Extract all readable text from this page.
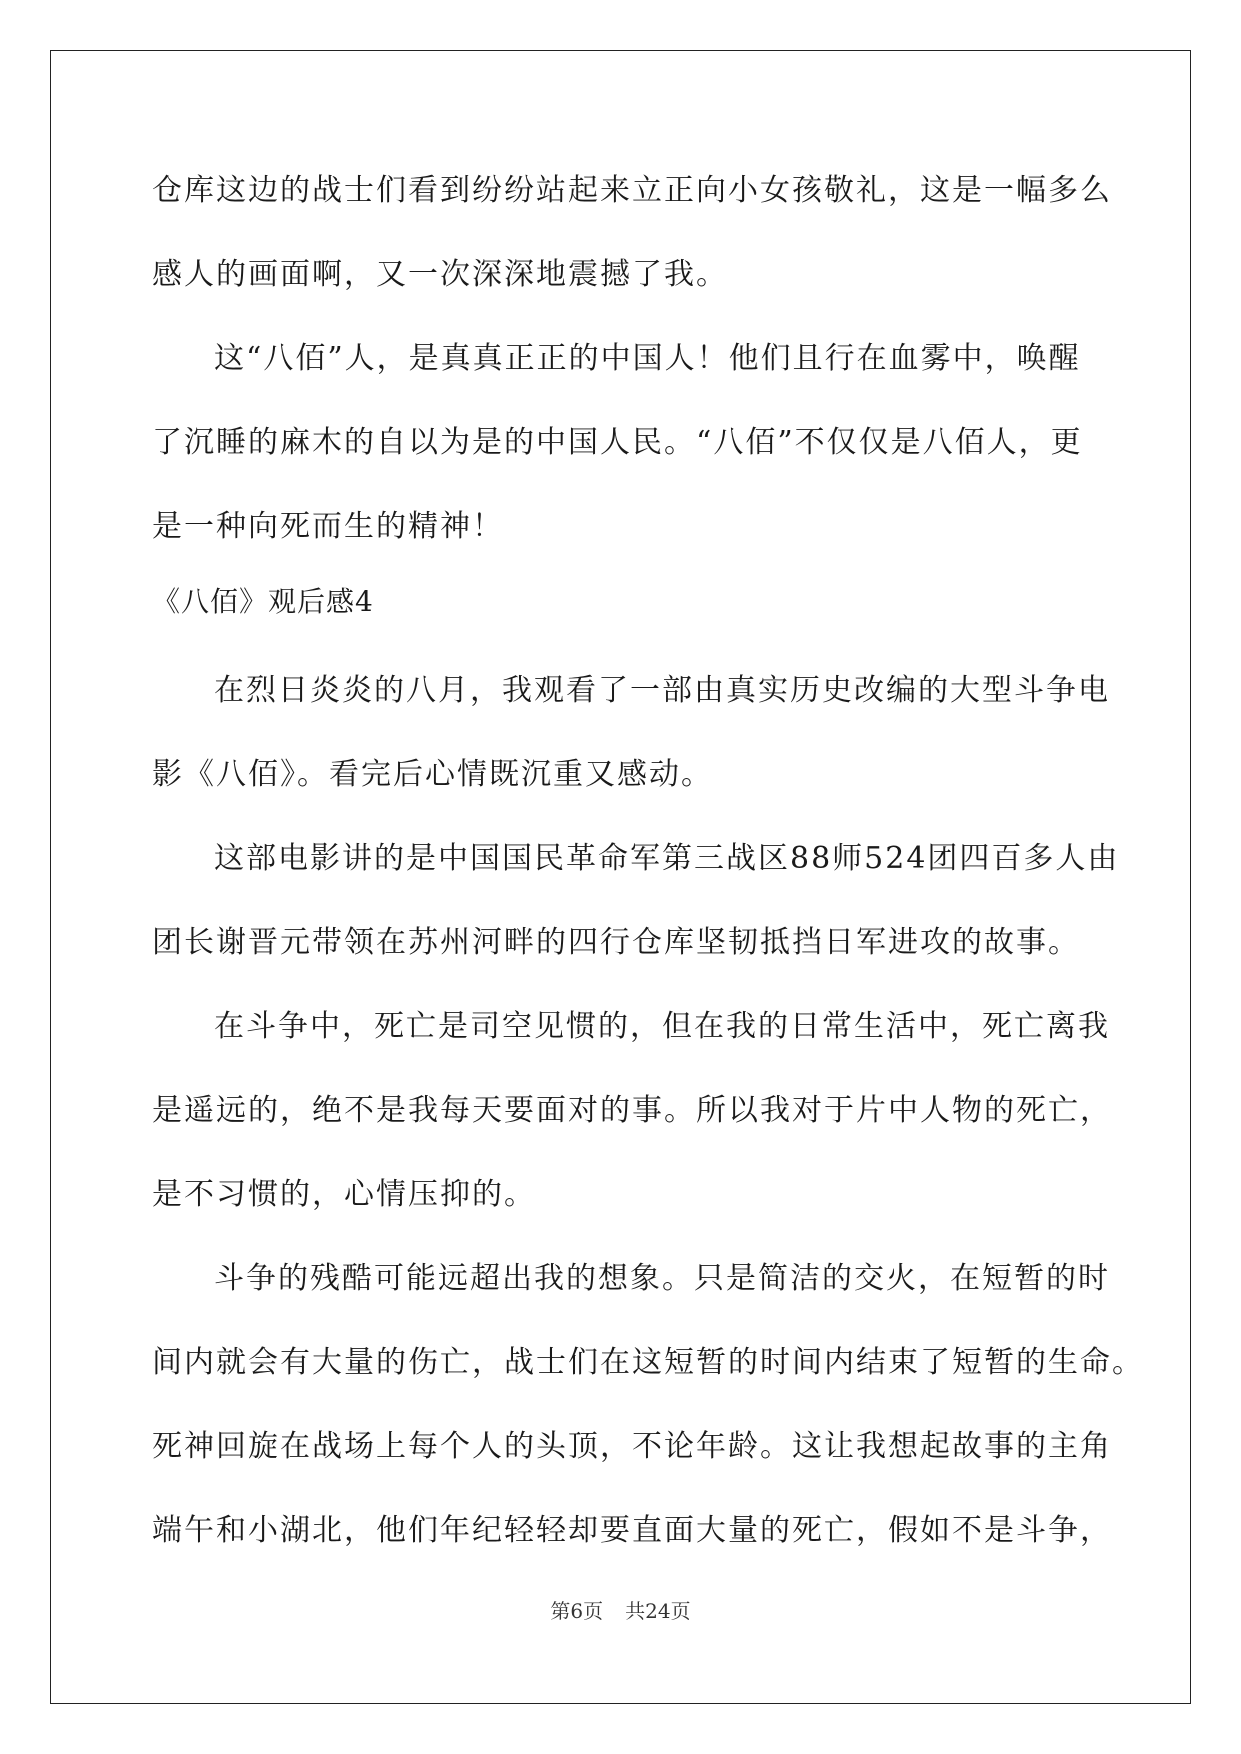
仓库这边的战士们看到纷纷站起来立正向小女孩敬礼，这是一幅多么
感人的画面啊，又一次深深地震撼了我。
这“八佰”人，是真真正正的中国人！他们且行在血雾中，唤醒
了沉睡的麻木的自以为是的中国人民。“八佰”不仅仅是八佰人，更
是一种向死而生的精神！
《八佰》观后感4
在烈日炎炎的八月，我观看了一部由真实历史改编的大型斗争电
影《八佰》。看完后心情既沉重又感动。
这部电影讲的是中国国民革命军第三战区88师524团四百多人由
团长谢晋元带领在苏州河畔的四行仓库坚韧抵挡日军进攻的故事。
在斗争中，死亡是司空见惯的，但在我的日常生活中，死亡离我
是遥远的，绝不是我每天要面对的事。所以我对于片中人物的死亡，
是不习惯的，心情压抑的。
斗争的残酷可能远超出我的想象。只是简洁的交火，在短暂的时
间内就会有大量的伤亡，战士们在这短暂的时间内结束了短暂的生命。
死神回旋在战场上每个人的头顶，不论年龄。这让我想起故事的主角
端午和小湖北，他们年纪轻轻却要直面大量的死亡，假如不是斗争，
第6页 共24页
